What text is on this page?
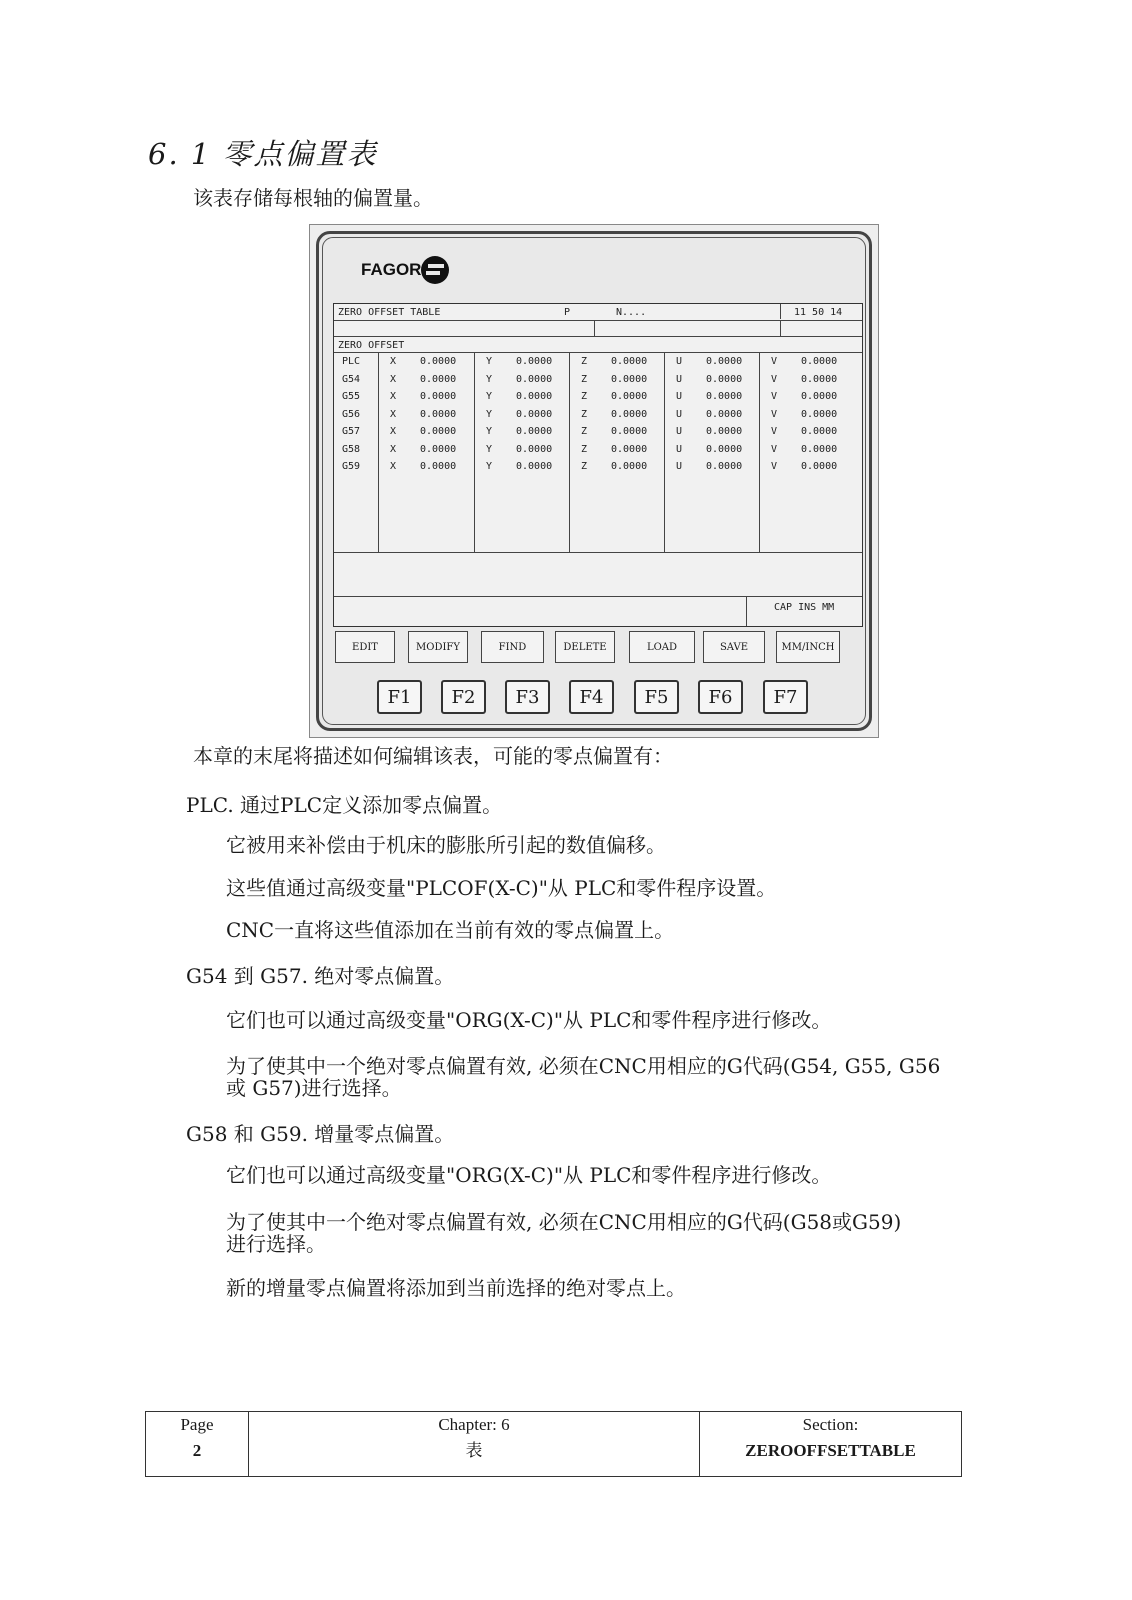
6. 1 零点偏置表
该表存储每根轴的偏置量。
FAGOR
ZERO OFFSET TABLE	P	N....	11 50 14
ZERO OFFSET
CAP INS MM
PLC	X 0.0000	Y 0.0000	Z 0.0000	U 0.0000	V 0.0000
G54	X 0.0000	Y 0.0000	Z 0.0000	U 0.0000	V 0.0000
G55	X 0.0000	Y 0.0000	Z 0.0000	U 0.0000	V 0.0000
G56	X 0.0000	Y 0.0000	Z 0.0000	U 0.0000	V 0.0000
G57	X 0.0000	Y 0.0000	Z 0.0000	U 0.0000	V 0.0000
G58	X 0.0000	Y 0.0000	Z 0.0000	U 0.0000	V 0.0000
G59	X 0.0000	Y 0.0000	Z 0.0000	U 0.0000	V 0.0000
EDIT	MODIFY	FIND	DELETE	LOAD	SAVE	MM/INCH
F1	F2	F3	F4	F5	F6	F7
本章的末尾将描述如何编辑该表，可能的零点偏置有：
PLC. 通过PLC定义添加零点偏置。
它被用来补偿由于机床的膨胀所引起的数值偏移。
这些值通过高级变量"PLCOF(X-C)"从 PLC和零件程序设置。
CNC一直将这些值添加在当前有效的零点偏置上。
G54 到 G57. 绝对零点偏置。
它们也可以通过高级变量"ORG(X-C)"从 PLC和零件程序进行修改。
为了使其中一个绝对零点偏置有效, 必须在CNC用相应的G代码(G54, G55, G56
或 G57)进行选择。
G58 和 G59. 增量零点偏置。
它们也可以通过高级变量"ORG(X-C)"从 PLC和零件程序进行修改。
为了使其中一个绝对零点偏置有效, 必须在CNC用相应的G代码(G58或G59)
进行选择。
新的增量零点偏置将添加到当前选择的绝对零点上。
Page
2
Chapter: 6
表
Section:
ZEROOFFSETTABLE
